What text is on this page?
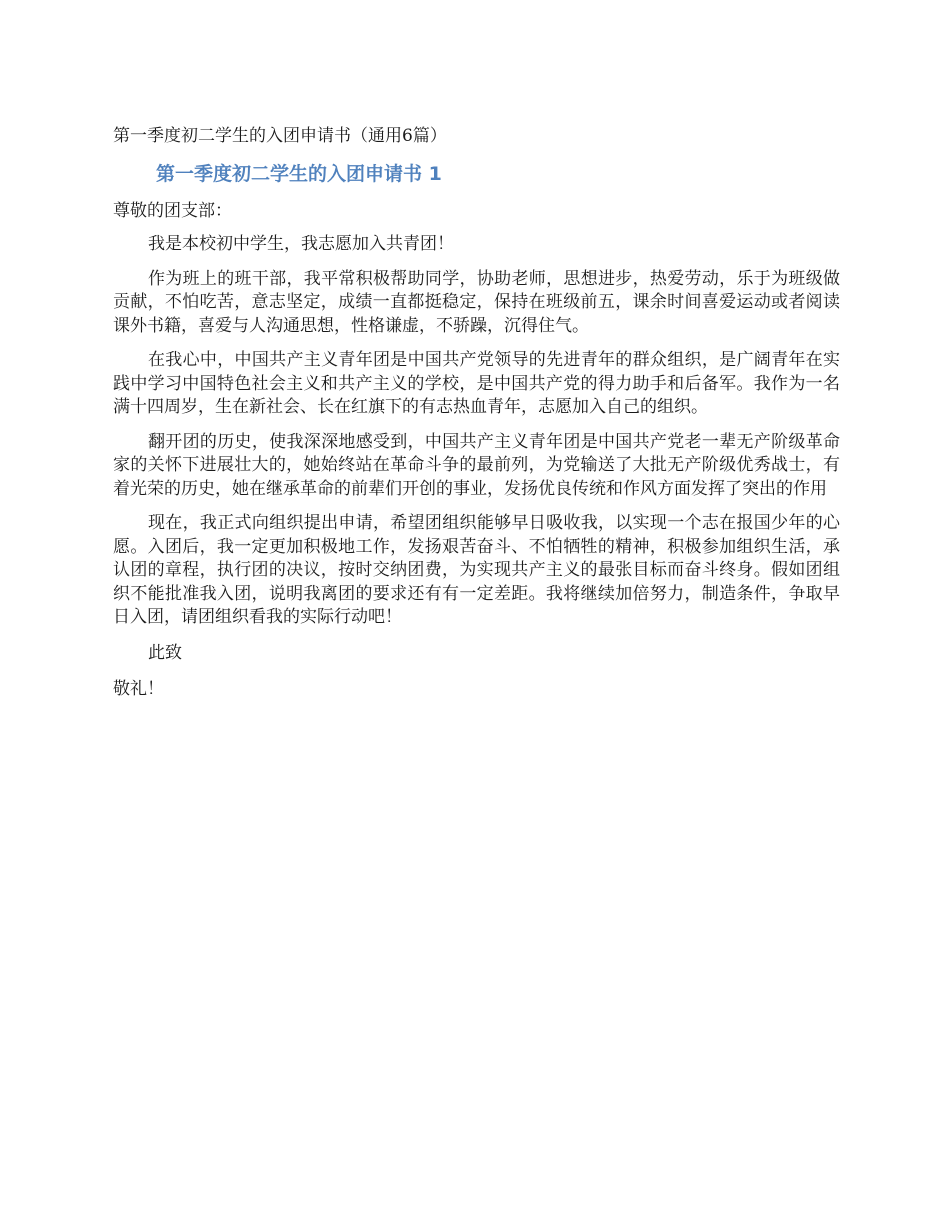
第一季度初二学生的入团申请书（通用6篇）
第一季度初二学生的入团申请书 1
尊敬的团支部：

我是本校初中学生，我志愿加入共青团！

作为班上的班干部，我平常积极帮助同学，协助老师，思想进步，热爱劳动，乐于为班级做贡献，不怕吃苦，意志坚定，成绩一直都挺稳定，保持在班级前五，课余时间喜爱运动或者阅读课外书籍，喜爱与人沟通思想，性格谦虚，不骄躁，沉得住气。

在我心中，中国共产主义青年团是中国共产党领导的先进青年的群众组织，是广阔青年在实践中学习中国特色社会主义和共产主义的学校，是中国共产党的得力助手和后备军。我作为一名满十四周岁，生在新社会、长在红旗下的有志热血青年，志愿加入自己的组织。

翻开团的历史，使我深深地感受到，中国共产主义青年团是中国共产党老一辈无产阶级革命家的关怀下进展壮大的，她始终站在革命斗争的最前列，为党输送了大批无产阶级优秀战士，有着光荣的历史，她在继承革命的前辈们开创的事业，发扬优良传统和作风方面发挥了突出的作用

现在，我正式向组织提出申请，希望团组织能够早日吸收我，以实现一个志在报国少年的心愿。入团后，我一定更加积极地工作，发扬艰苦奋斗、不怕牺牲的精神，积极参加组织生活，承认团的章程，执行团的决议，按时交纳团费，为实现共产主义的最张目标而奋斗终身。假如团组织不能批准我入团，说明我离团的要求还有有一定差距。我将继续加倍努力，制造条件，争取早日入团，请团组织看我的实际行动吧！

此致
敬礼！
